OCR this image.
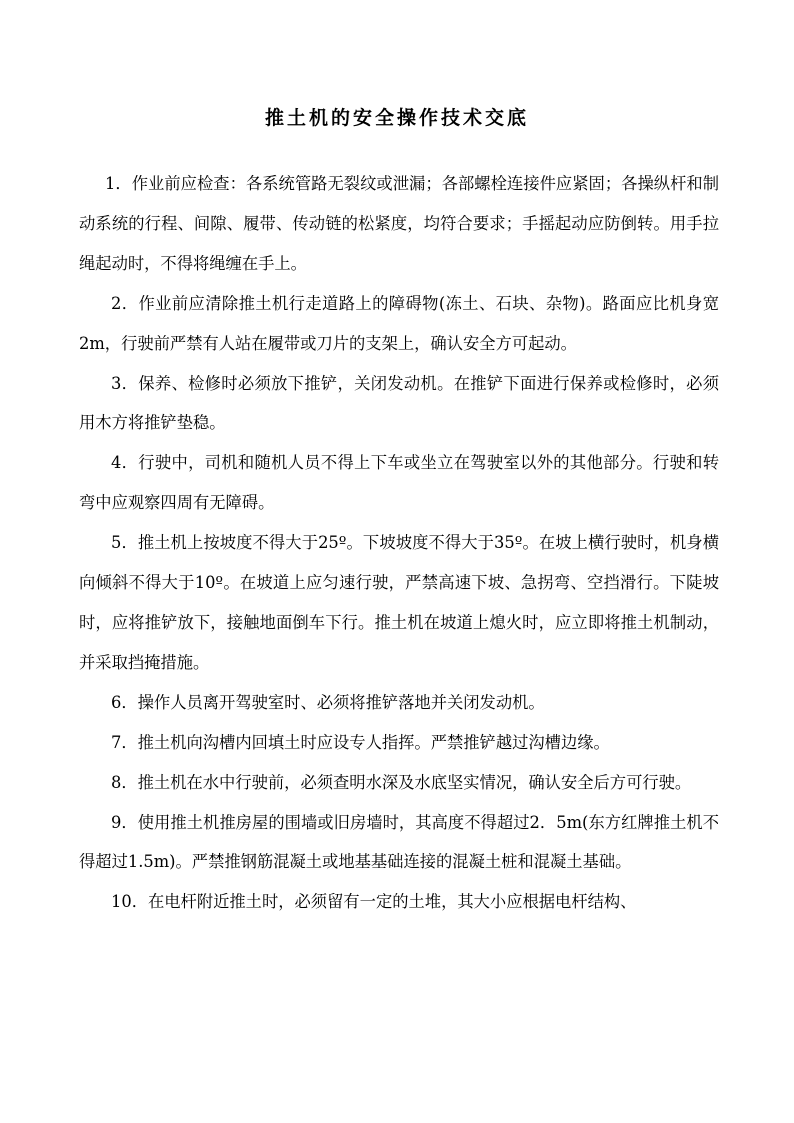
推土机的安全操作技术交底

1．作业前应检查：各系统管路无裂纹或泄漏；各部螺栓连接件应紧固；各操纵杆和制动系统的行程、间隙、履带、传动链的松紧度，均符合要求；手摇起动应防倒转。用手拉绳起动时，不得将绳缠在手上。

2．作业前应清除推土机行走道路上的障碍物(冻土、石块、杂物)。路面应比机身宽2m，行驶前严禁有人站在履带或刀片的支架上，确认安全方可起动。

3．保养、检修时必须放下推铲，关闭发动机。在推铲下面进行保养或检修时，必须用木方将推铲垫稳。

4．行驶中，司机和随机人员不得上下车或坐立在驾驶室以外的其他部分。行驶和转弯中应观察四周有无障碍。

5．推土机上按坡度不得大于25º。下坡坡度不得大于35º。在坡上横行驶时，机身横向倾斜不得大于10º。在坡道上应匀速行驶，严禁高速下坡、急拐弯、空挡滑行。下陡坡时，应将推铲放下，接触地面倒车下行。推土机在坡道上熄火时，应立即将推土机制动，并采取挡掩措施。

6．操作人员离开驾驶室时、必须将推铲落地并关闭发动机。

7．推土机向沟槽内回填土时应设专人指挥。严禁推铲越过沟槽边缘。

8．推土机在水中行驶前，必须查明水深及水底坚实情况，确认安全后方可行驶。

9．使用推土机推房屋的围墙或旧房墙时，其高度不得超过2．5m(东方红牌推土机不得超过1.5m)。严禁推钢筋混凝土或地基基础连接的混凝土桩和混凝土基础。

10．在电杆附近推土时，必须留有一定的土堆，其大小应根据电杆结构、
